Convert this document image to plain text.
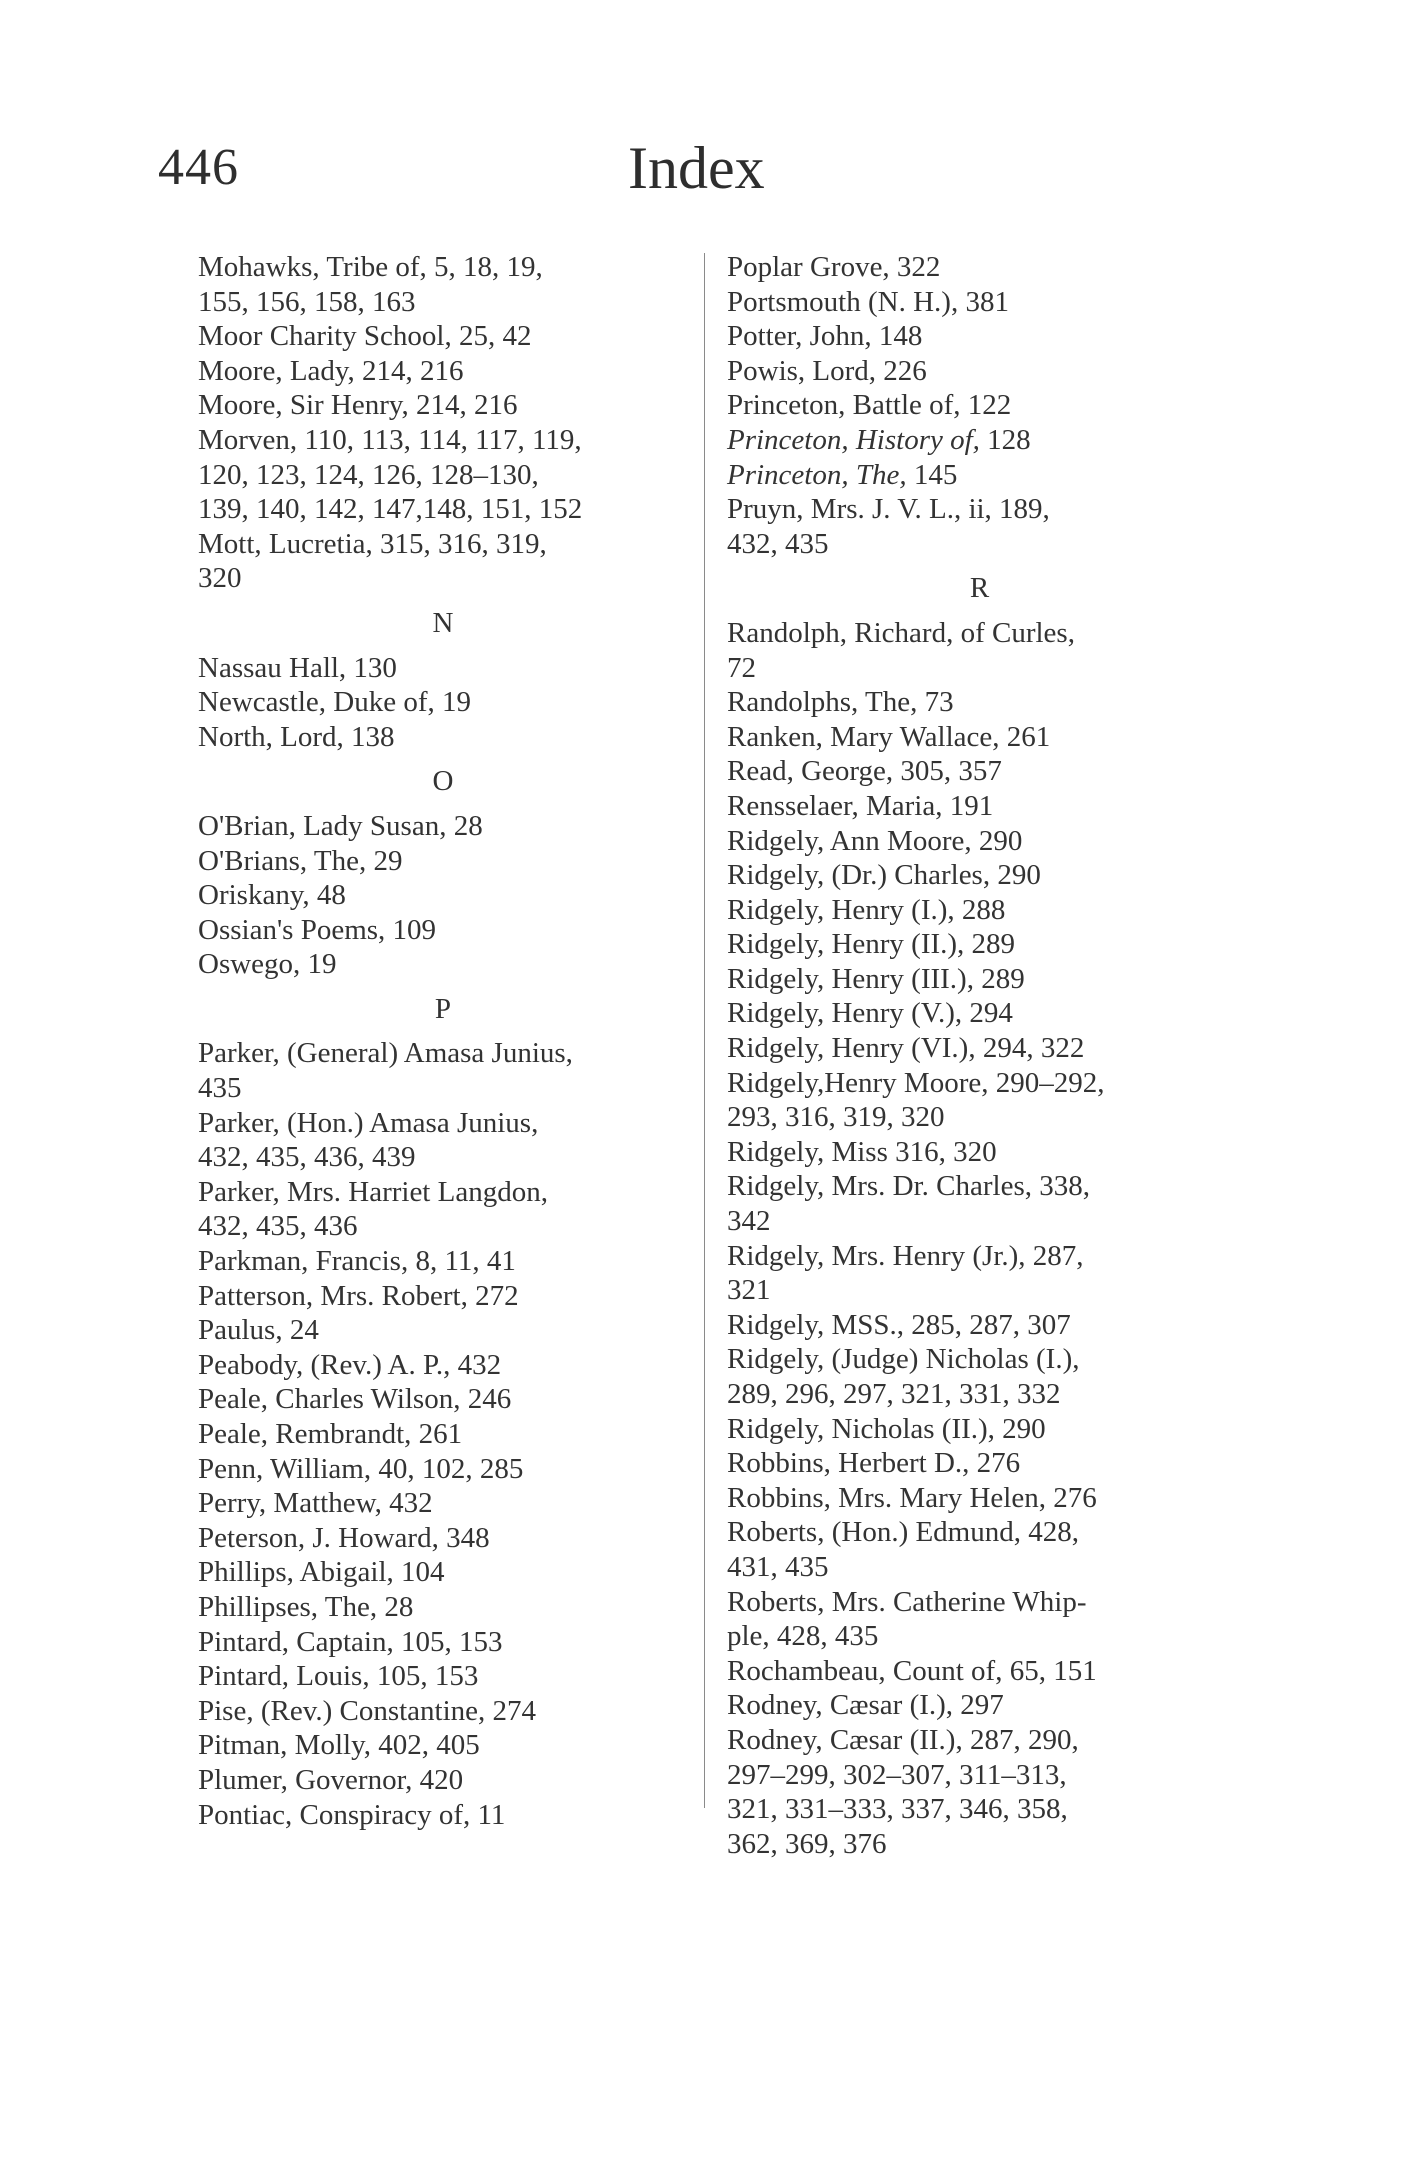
446	Index
Mohawks, Tribe of, 5, 18, 19,
155, 156, 158, 163
Moor Charity School, 25, 42
Moore, Lady, 214, 216
Moore, Sir Henry, 214, 216
Morven, 110, 113, 114, 117, 119,
120, 123, 124, 126, 128–130,
139, 140, 142, 147,148, 151, 152
Mott, Lucretia, 315, 316, 319,
320
N
Nassau Hall, 130
Newcastle, Duke of, 19
North, Lord, 138
O
O'Brian, Lady Susan, 28
O'Brians, The, 29
Oriskany, 48
Ossian's Poems, 109
Oswego, 19
P
Parker, (General) Amasa Junius,
435
Parker, (Hon.) Amasa Junius,
432, 435, 436, 439
Parker, Mrs. Harriet Langdon,
432, 435, 436
Parkman, Francis, 8, 11, 41
Patterson, Mrs. Robert, 272
Paulus, 24
Peabody, (Rev.) A. P., 432
Peale, Charles Wilson, 246
Peale, Rembrandt, 261
Penn, William, 40, 102, 285
Perry, Matthew, 432
Peterson, J. Howard, 348
Phillips, Abigail, 104
Phillipses, The, 28
Pintard, Captain, 105, 153
Pintard, Louis, 105, 153
Pise, (Rev.) Constantine, 274
Pitman, Molly, 402, 405
Plumer, Governor, 420
Pontiac, Conspiracy of, 11
Poplar Grove, 322
Portsmouth (N. H.), 381
Potter, John, 148
Powis, Lord, 226
Princeton, Battle of, 122
Princeton, History of, 128
Princeton, The, 145
Pruyn, Mrs. J. V. L., ii, 189,
432, 435
R
Randolph, Richard, of Curles,
72
Randolphs, The, 73
Ranken, Mary Wallace, 261
Read, George, 305, 357
Rensselaer, Maria, 191
Ridgely, Ann Moore, 290
Ridgely, (Dr.) Charles, 290
Ridgely, Henry (I.), 288
Ridgely, Henry (II.), 289
Ridgely, Henry (III.), 289
Ridgely, Henry (V.), 294
Ridgely, Henry (VI.), 294, 322
Ridgely,Henry Moore, 290–292,
293, 316, 319, 320
Ridgely, Miss 316, 320
Ridgely, Mrs. Dr. Charles, 338,
342
Ridgely, Mrs. Henry (Jr.), 287,
321
Ridgely, MSS., 285, 287, 307
Ridgely, (Judge) Nicholas (I.),
289, 296, 297, 321, 331, 332
Ridgely, Nicholas (II.), 290
Robbins, Herbert D., 276
Robbins, Mrs. Mary Helen, 276
Roberts, (Hon.) Edmund, 428,
431, 435
Roberts, Mrs. Catherine Whip-
ple, 428, 435
Rochambeau, Count of, 65, 151
Rodney, Cæsar (I.), 297
Rodney, Cæsar (II.), 287, 290,
297–299, 302–307, 311–313,
321, 331–333, 337, 346, 358,
362, 369, 376
